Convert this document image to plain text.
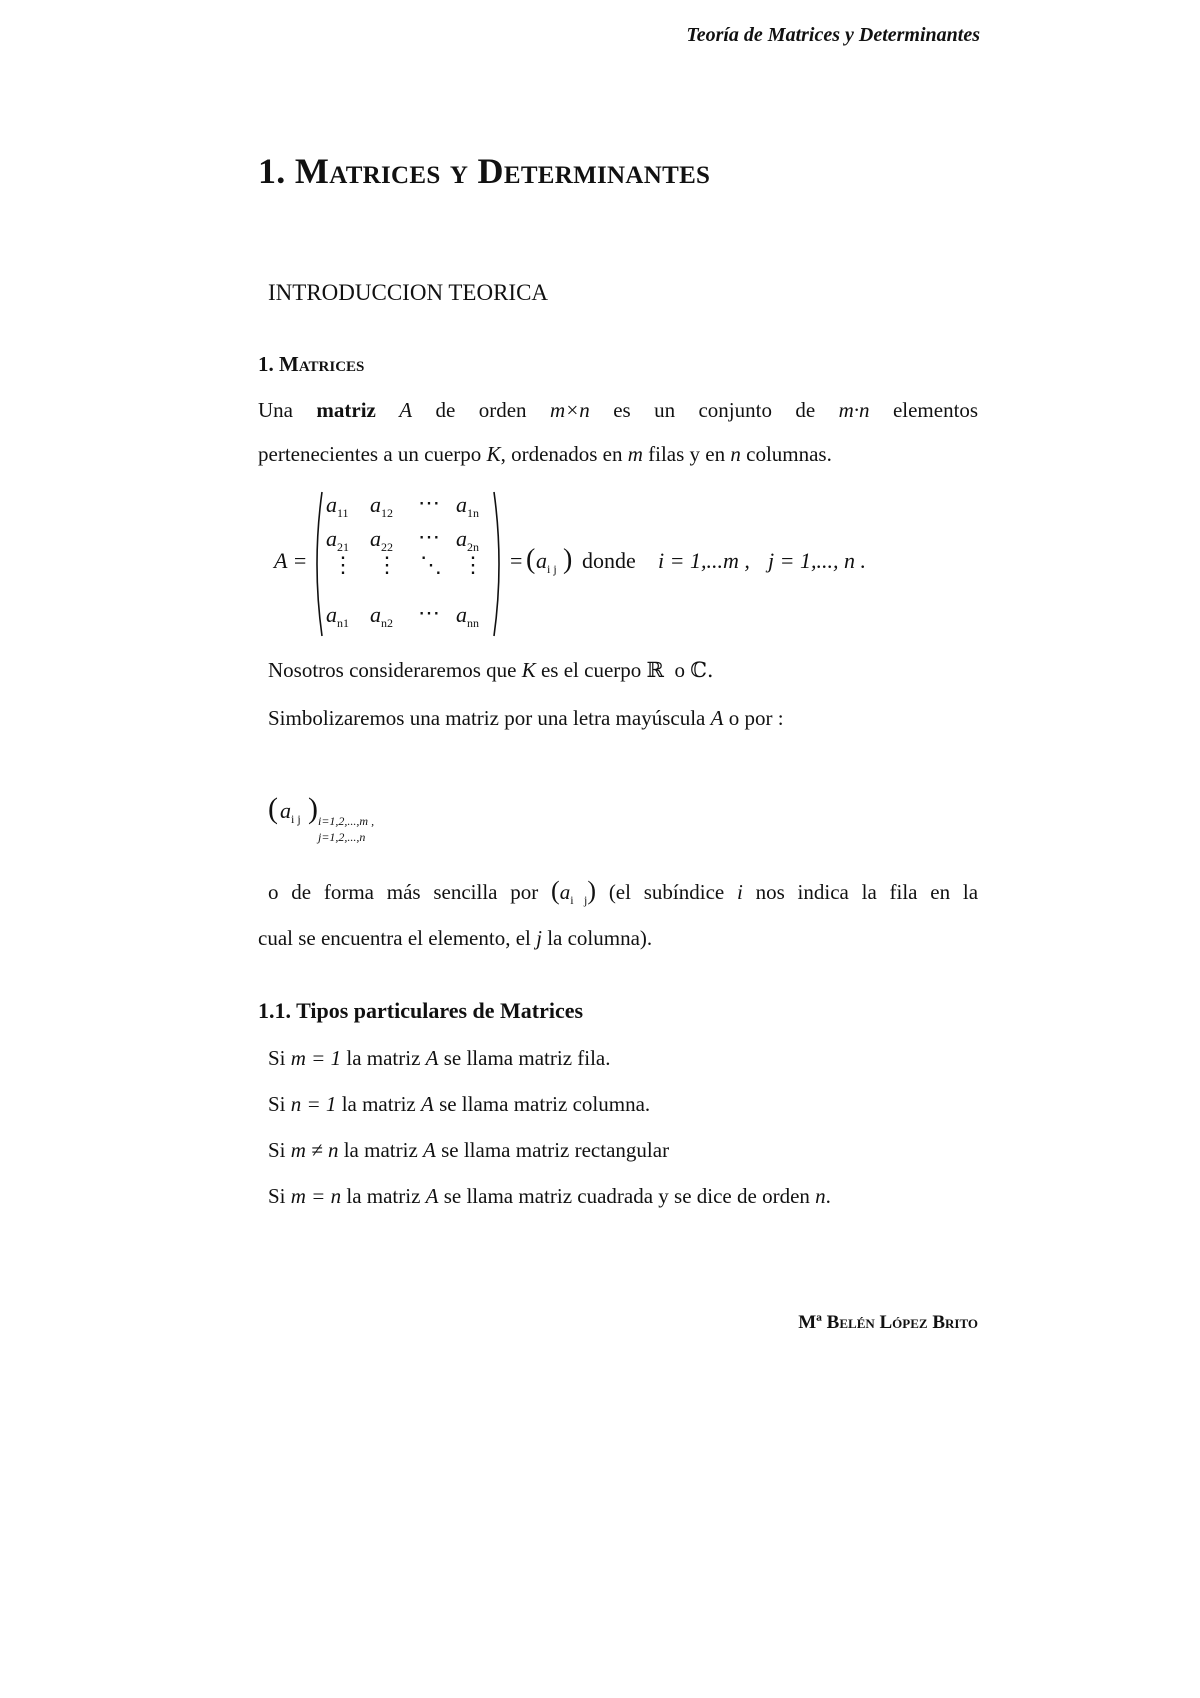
Teoría de Matrices y Determinantes
1. Matrices y Determinantes
INTRODUCCION TEORICA
1. Matrices
Una matriz A de orden m×n es un conjunto de m·n elementos
pertenecientes a un cuerpo K, ordenados en m filas y en n columnas.
A =
$a_{11}$ $a_{12}$ ⋯ $a_{1n}$
$a_{21}$ $a_{22}$ ⋯ $a_{2n}$
⋮ ⋮ ⋱ ⋮
$a_{n1}$ $a_{n2}$ ⋯ $a_{nn}$
= ( $a_{i j}$ ) donde i = 1,...m , j = 1,..., n .
Nosotros consideraremos que K es el cuerpo ℝ o ℂ.
Simbolizaremos una matriz por una letra mayúscula A o por :
( $a_{i j}$ ) i=1,2,...,m ,
j=1,2,...,n
o de forma más sencilla por $(a_{i j})$ (el subíndice i nos indica la fila en la
cual se encuentra el elemento, el j la columna).
1.1. Tipos particulares de Matrices
Si m = 1 la matriz A se llama matriz fila.
Si n = 1 la matriz A se llama matriz columna.
Si m ≠ n la matriz A se llama matriz rectangular
Si m = n la matriz A se llama matriz cuadrada y se dice de orden n.
Mª Belén López Brito
